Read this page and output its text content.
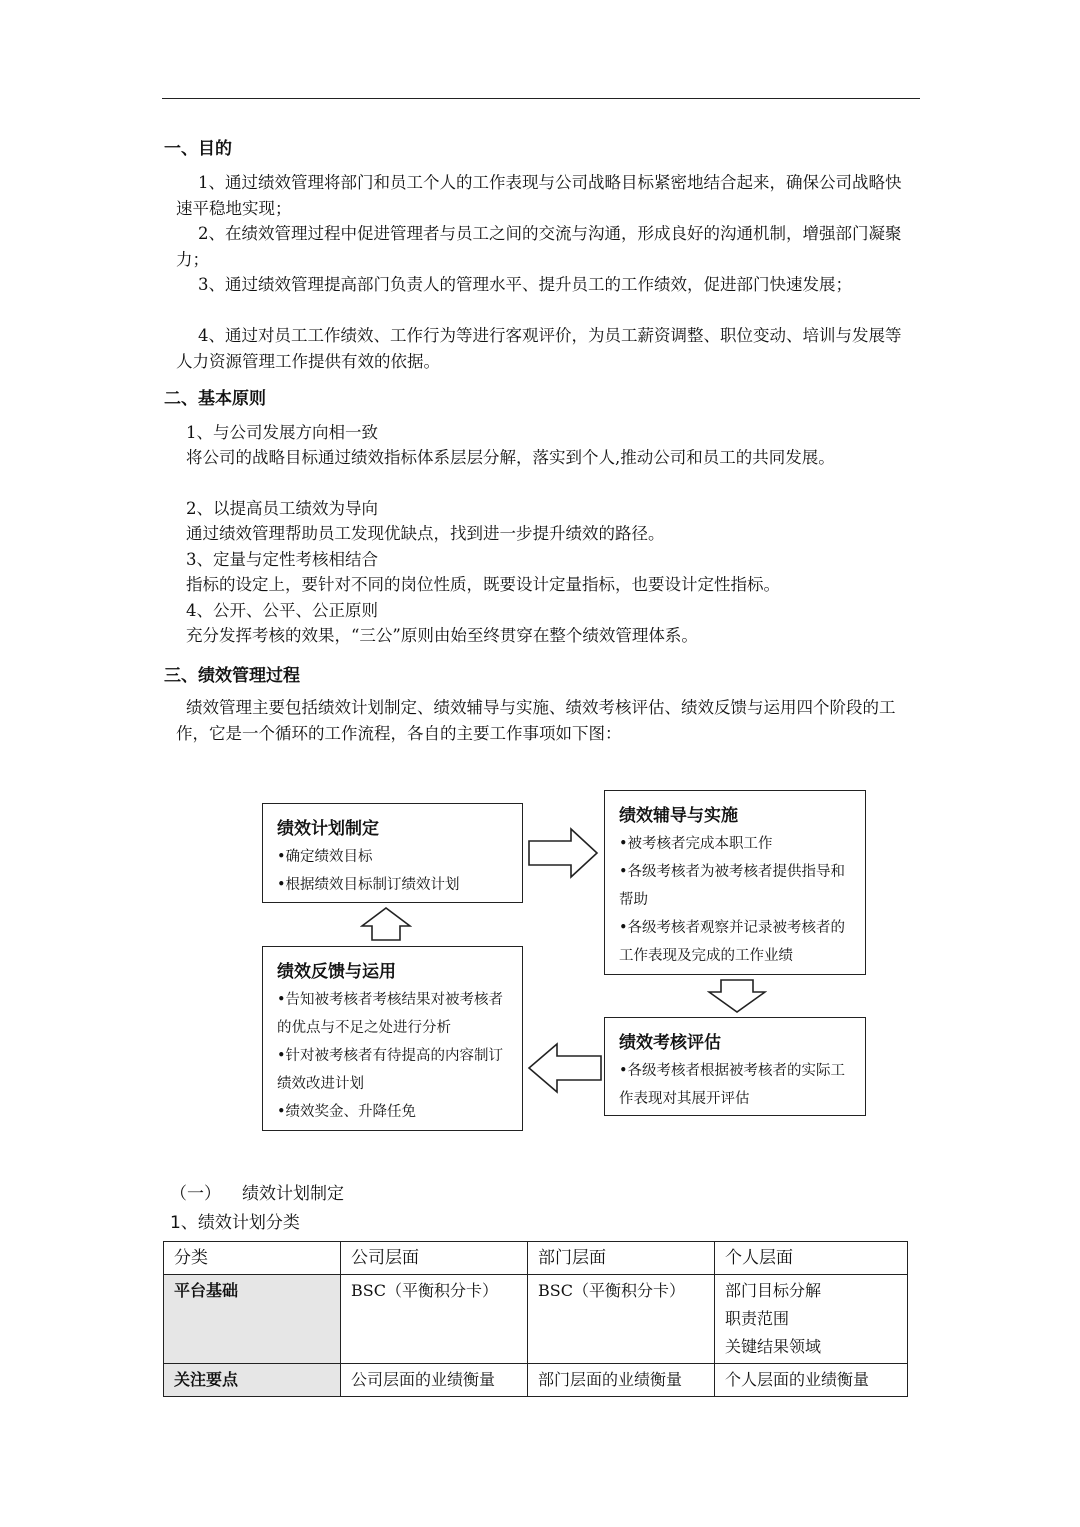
一、目的
1、通过绩效管理将部门和员工个人的工作表现与公司战略目标紧密地结合起来，确保公司战略快速平稳地实现；
2、在绩效管理过程中促进管理者与员工之间的交流与沟通，形成良好的沟通机制，增强部门凝聚力；
3、通过绩效管理提高部门负责人的管理水平、提升员工的工作绩效，促进部门快速发展；
4、通过对员工工作绩效、工作行为等进行客观评价，为员工薪资调整、职位变动、培训与发展等人力资源管理工作提供有效的依据。
二、基本原则
1、与公司发展方向相一致
将公司的战略目标通过绩效指标体系层层分解，落实到个人,推动公司和员工的共同发展。
2、以提高员工绩效为导向
通过绩效管理帮助员工发现优缺点，找到进一步提升绩效的路径。
3、定量与定性考核相结合
指标的设定上，要针对不同的岗位性质，既要设计定量指标，也要设计定性指标。
4、公开、公平、公正原则
充分发挥考核的效果，“三公”原则由始至终贯穿在整个绩效管理体系。
三、绩效管理过程
绩效管理主要包括绩效计划制定、绩效辅导与实施、绩效考核评估、绩效反馈与运用四个阶段的工作，它是一个循环的工作流程，各自的主要工作事项如下图：
绩效计划制定
•确定绩效目标
•根据绩效目标制订绩效计划
绩效辅导与实施
•被考核者完成本职工作
•各级考核者为被考核者提供指导和帮助
•各级考核者观察并记录被考核者的工作表现及完成的工作业绩
绩效考核评估
•各级考核者根据被考核者的实际工作表现对其展开评估
绩效反馈与运用
•告知被考核者考核结果对被考核者的优点与不足之处进行分析
•针对被考核者有待提高的内容制订绩效改进计划
•绩效奖金、升降任免
（一） 绩效计划制定
1、绩效计划分类
分类	公司层面	部门层面	个人层面
平台基础	BSC（平衡积分卡）	BSC（平衡积分卡）	部门目标分解
职责范围
关键结果领域

关注要点	公司层面的业绩衡量	部门层面的业绩衡量	个人层面的业绩衡量
